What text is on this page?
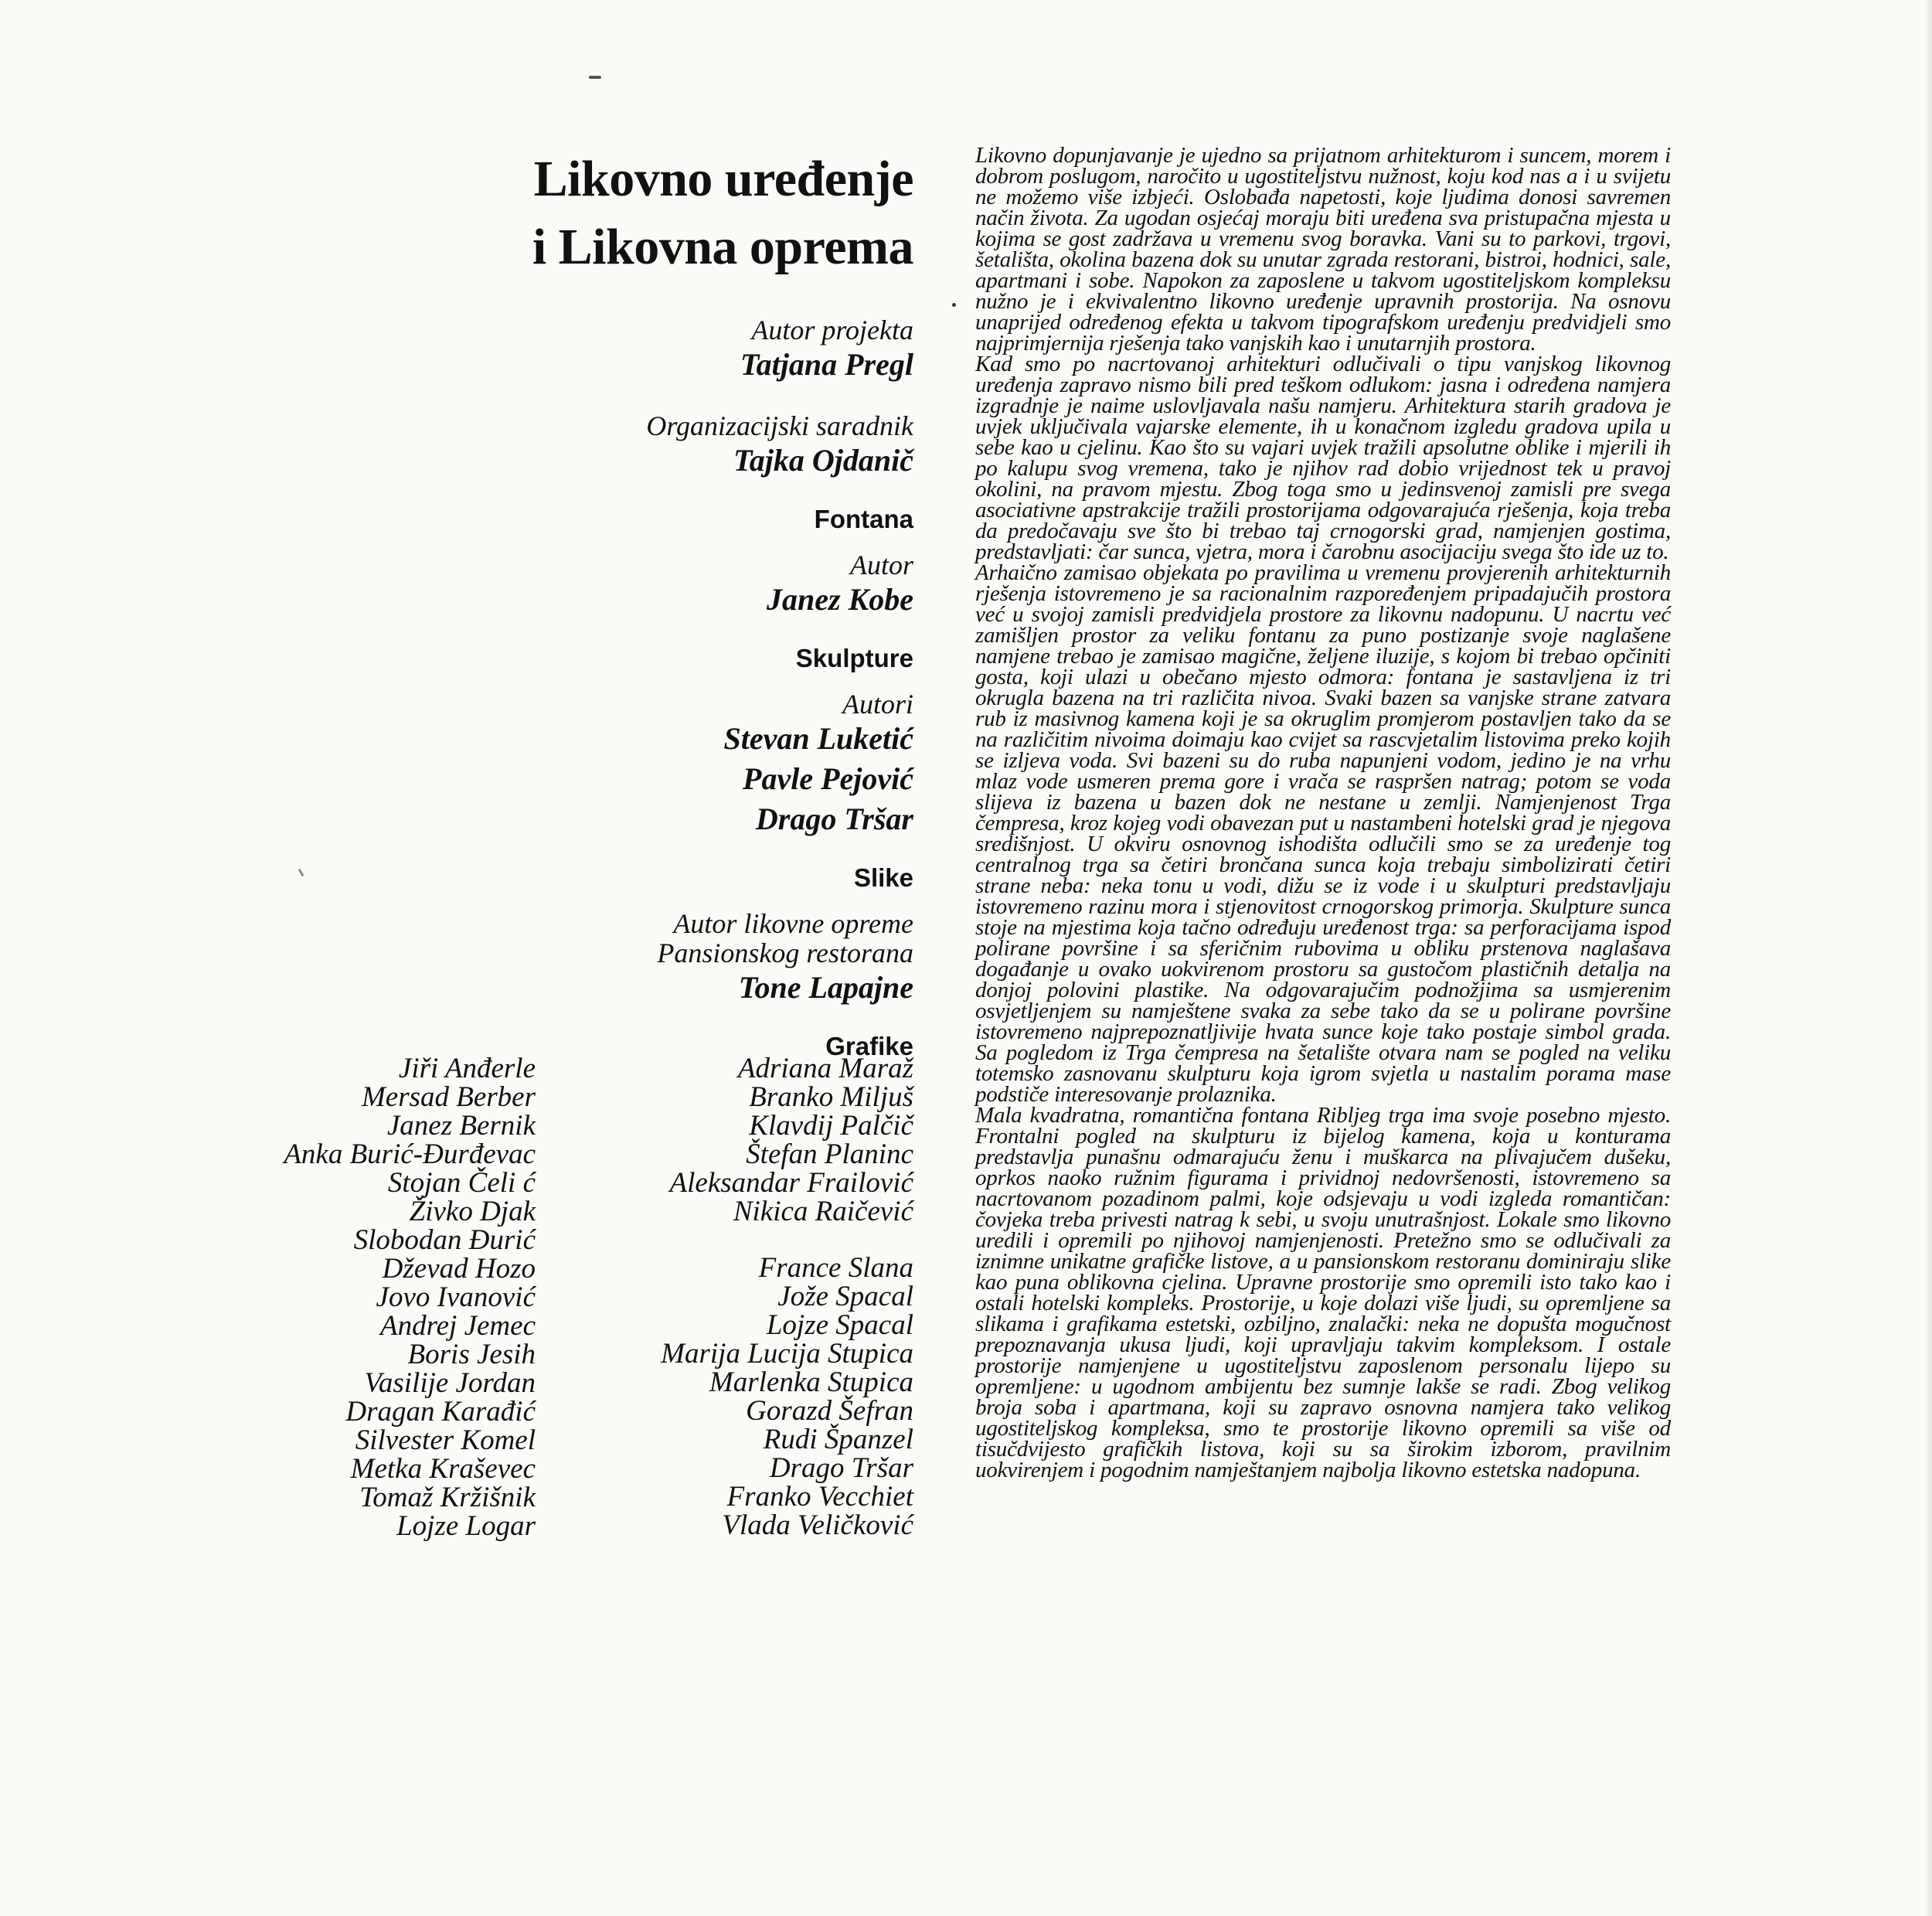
Likovno uređenje
i Likovna oprema
Autor projekta
Tatjana Pregl
Organizacijski saradnik
Tajka Ojdanič
Fontana
Autor
Janez Kobe
Skulpture
Autori
Stevan Luketić
Pavle Pejović
Drago Tršar
Slike
Autor likovne opreme
Pansionskog restorana
Tone Lapajne
Grafike
Jiři Anđerle
Mersad Berber
Janez Bernik
Anka Burić-Đurđevac
Stojan Čeli ć
Živko Djak
Slobodan Đurić
Dževad Hozo
Jovo Ivanović
Andrej Jemec
Boris Jesih
Vasilije Jordan
Dragan Karađić
Silvester Komel
Metka Kraševec
Tomaž Kržišnik
Lojze Logar
Adriana Maraž
Branko Miljuš
Klavdij Palčič
Štefan Planinc
Aleksandar Frailović
Nikica Raičević
France Slana
Jože Spacal
Lojze Spacal
Marija Lucija Stupica
Marlenka Stupica
Gorazd Šefran
Rudi Španzel
Drago Tršar
Franko Vecchiet
Vlada Veličković

Likovno dopunjavanje je ujedno sa prijatnom arhitekturom i suncem, morem i dobrom poslugom, naročito u ugostiteljstvu nužnost, koju kod nas a i u svijetu ne možemo više izbjeći. Oslobađa napetosti, koje ljudima donosi savremen način života. Za ugodan osjećaj moraju biti uređena sva pristupačna mjesta u kojima se gost zadržava u vremenu svog boravka. Vani su to parkovi, trgovi, šetališta, okolina bazena dok su unutar zgrada restorani, bistroi, hodnici, sale, apartmani i sobe. Napokon za zaposlene u takvom ugostiteljskom kompleksu nužno je i ekvivalentno likovno uređenje upravnih prostorija. Na osnovu unaprijed određenog efekta u takvom tipografskom uređenju predvidjeli smo najprimjernija rješenja tako vanjskih kao i unutarnjih prostora.

Kad smo po nacrtovanoj arhitekturi odlučivali o tipu vanjskog likovnog uređenja zapravo nismo bili pred teškom odlukom: jasna i određena namjera izgradnje je naime uslovljavala našu namjeru. Arhitektura starih gradova je uvjek uključivala vajarske elemente, ih u konačnom izgledu gradova upila u sebe kao u cjelinu. Kao što su vajari uvjek tražili apsolutne oblike i mjerili ih po kalupu svog vremena, tako je njihov rad dobio vrijednost tek u pravoj okolini, na pravom mjestu. Zbog toga smo u jedinsvenoj zamisli pre svega asociativne apstrakcije tražili prostorijama odgovarajuća rješenja, koja treba da predočavaju sve što bi trebao taj crnogorski grad, namjenjen gostima, predstavljati: čar sunca, vjetra, mora i čarobnu asocijaciju svega što ide uz to.

Arhaično zamisao objekata po pravilima u vremenu provjerenih arhitekturnih rješenja istovremeno je sa racionalnim razpoređenjem pripadajučih prostora već u svojoj zamisli predvidjela prostore za likovnu nadopunu. U nacrtu već zamišljen prostor za veliku fontanu za puno postizanje svoje naglašene namjene trebao je zamisao magične, željene iluzije, s kojom bi trebao opčiniti gosta, koji ulazi u obečano mjesto odmora: fontana je sastavljena iz tri okrugla bazena na tri različita nivoa. Svaki bazen sa vanjske strane zatvara rub iz masivnog kamena koji je sa okruglim promjerom postavljen tako da se na različitim nivoima doimaju kao cvijet sa rascvjetalim listovima preko kojih se izljeva voda. Svi bazeni su do ruba napunjeni vodom, jedino je na vrhu mlaz vode usmeren prema gore i vrača se raspršen natrag; potom se voda slijeva iz bazena u bazen dok ne nestane u zemlji. Namjenjenost Trga čempresa, kroz kojeg vodi obavezan put u nastambeni hotelski grad je njegova središnjost. U okviru osnovnog ishodišta odlučili smo se za uređenje tog centralnog trga sa četiri brončana sunca koja trebaju simbolizirati četiri strane neba: neka tonu u vodi, dižu se iz vode i u skulpturi predstavljaju istovremeno razinu mora i stjenovitost crnogorskog primorja. Skulpture sunca stoje na mjestima koja tačno određuju uređenost trga: sa perforacijama ispod polirane površine i sa sferičnim rubovima u obliku prstenova naglašava događanje u ovako uokvirenom prostoru sa gustočom plastičnih detalja na donjoj polovini plastike. Na odgovarajučim podnožjima sa usmjerenim osvjetljenjem su namještene svaka za sebe tako da se u polirane površine istovremeno najprepoznatljivije hvata sunce koje tako postaje simbol grada. Sa pogledom iz Trga čempresa na šetalište otvara nam se pogled na veliku totemsko zasnovanu skulpturu koja igrom svjetla u nastalim porama mase podstiče interesovanje prolaznika.

Mala kvadratna, romantična fontana Ribljeg trga ima svoje posebno mjesto. Frontalni pogled na skulpturu iz bijelog kamena, koja u konturama predstavlja punašnu odmarajuću ženu i muškarca na plivajučem dušeku, oprkos naoko ružnim figurama i prividnoj nedovršenosti, istovremeno sa nacrtovanom pozadinom palmi, koje odsjevaju u vodi izgleda romantičan: čovjeka treba privesti natrag k sebi, u svoju unutrašnjost. Lokale smo likovno uredili i opremili po njihovoj namjenjenosti. Pretežno smo se odlučivali za iznimne unikatne grafičke listove, a u pansionskom restoranu dominiraju slike kao puna oblikovna cjelina. Upravne prostorije smo opremili isto tako kao i ostali hotelski kompleks. Prostorije, u koje dolazi više ljudi, su opremljene sa slikama i grafikama estetski, ozbiljno, znalački: neka ne dopušta mogučnost prepoznavanja ukusa ljudi, koji upravljaju takvim kompleksom. I ostale prostorije namjenjene u ugostiteljstvu zaposlenom personalu lijepo su opremljene: u ugodnom ambijentu bez sumnje lakše se radi. Zbog velikog broja soba i apartmana, koji su zapravo osnovna namjera tako velikog ugostiteljskog kompleksa, smo te prostorije likovno opremili sa više od tisučdvijesto grafičkih listova, koji su sa širokim izborom, pravilnim uokvirenjem i pogodnim namještanjem najbolja likovno estetska nadopuna.
